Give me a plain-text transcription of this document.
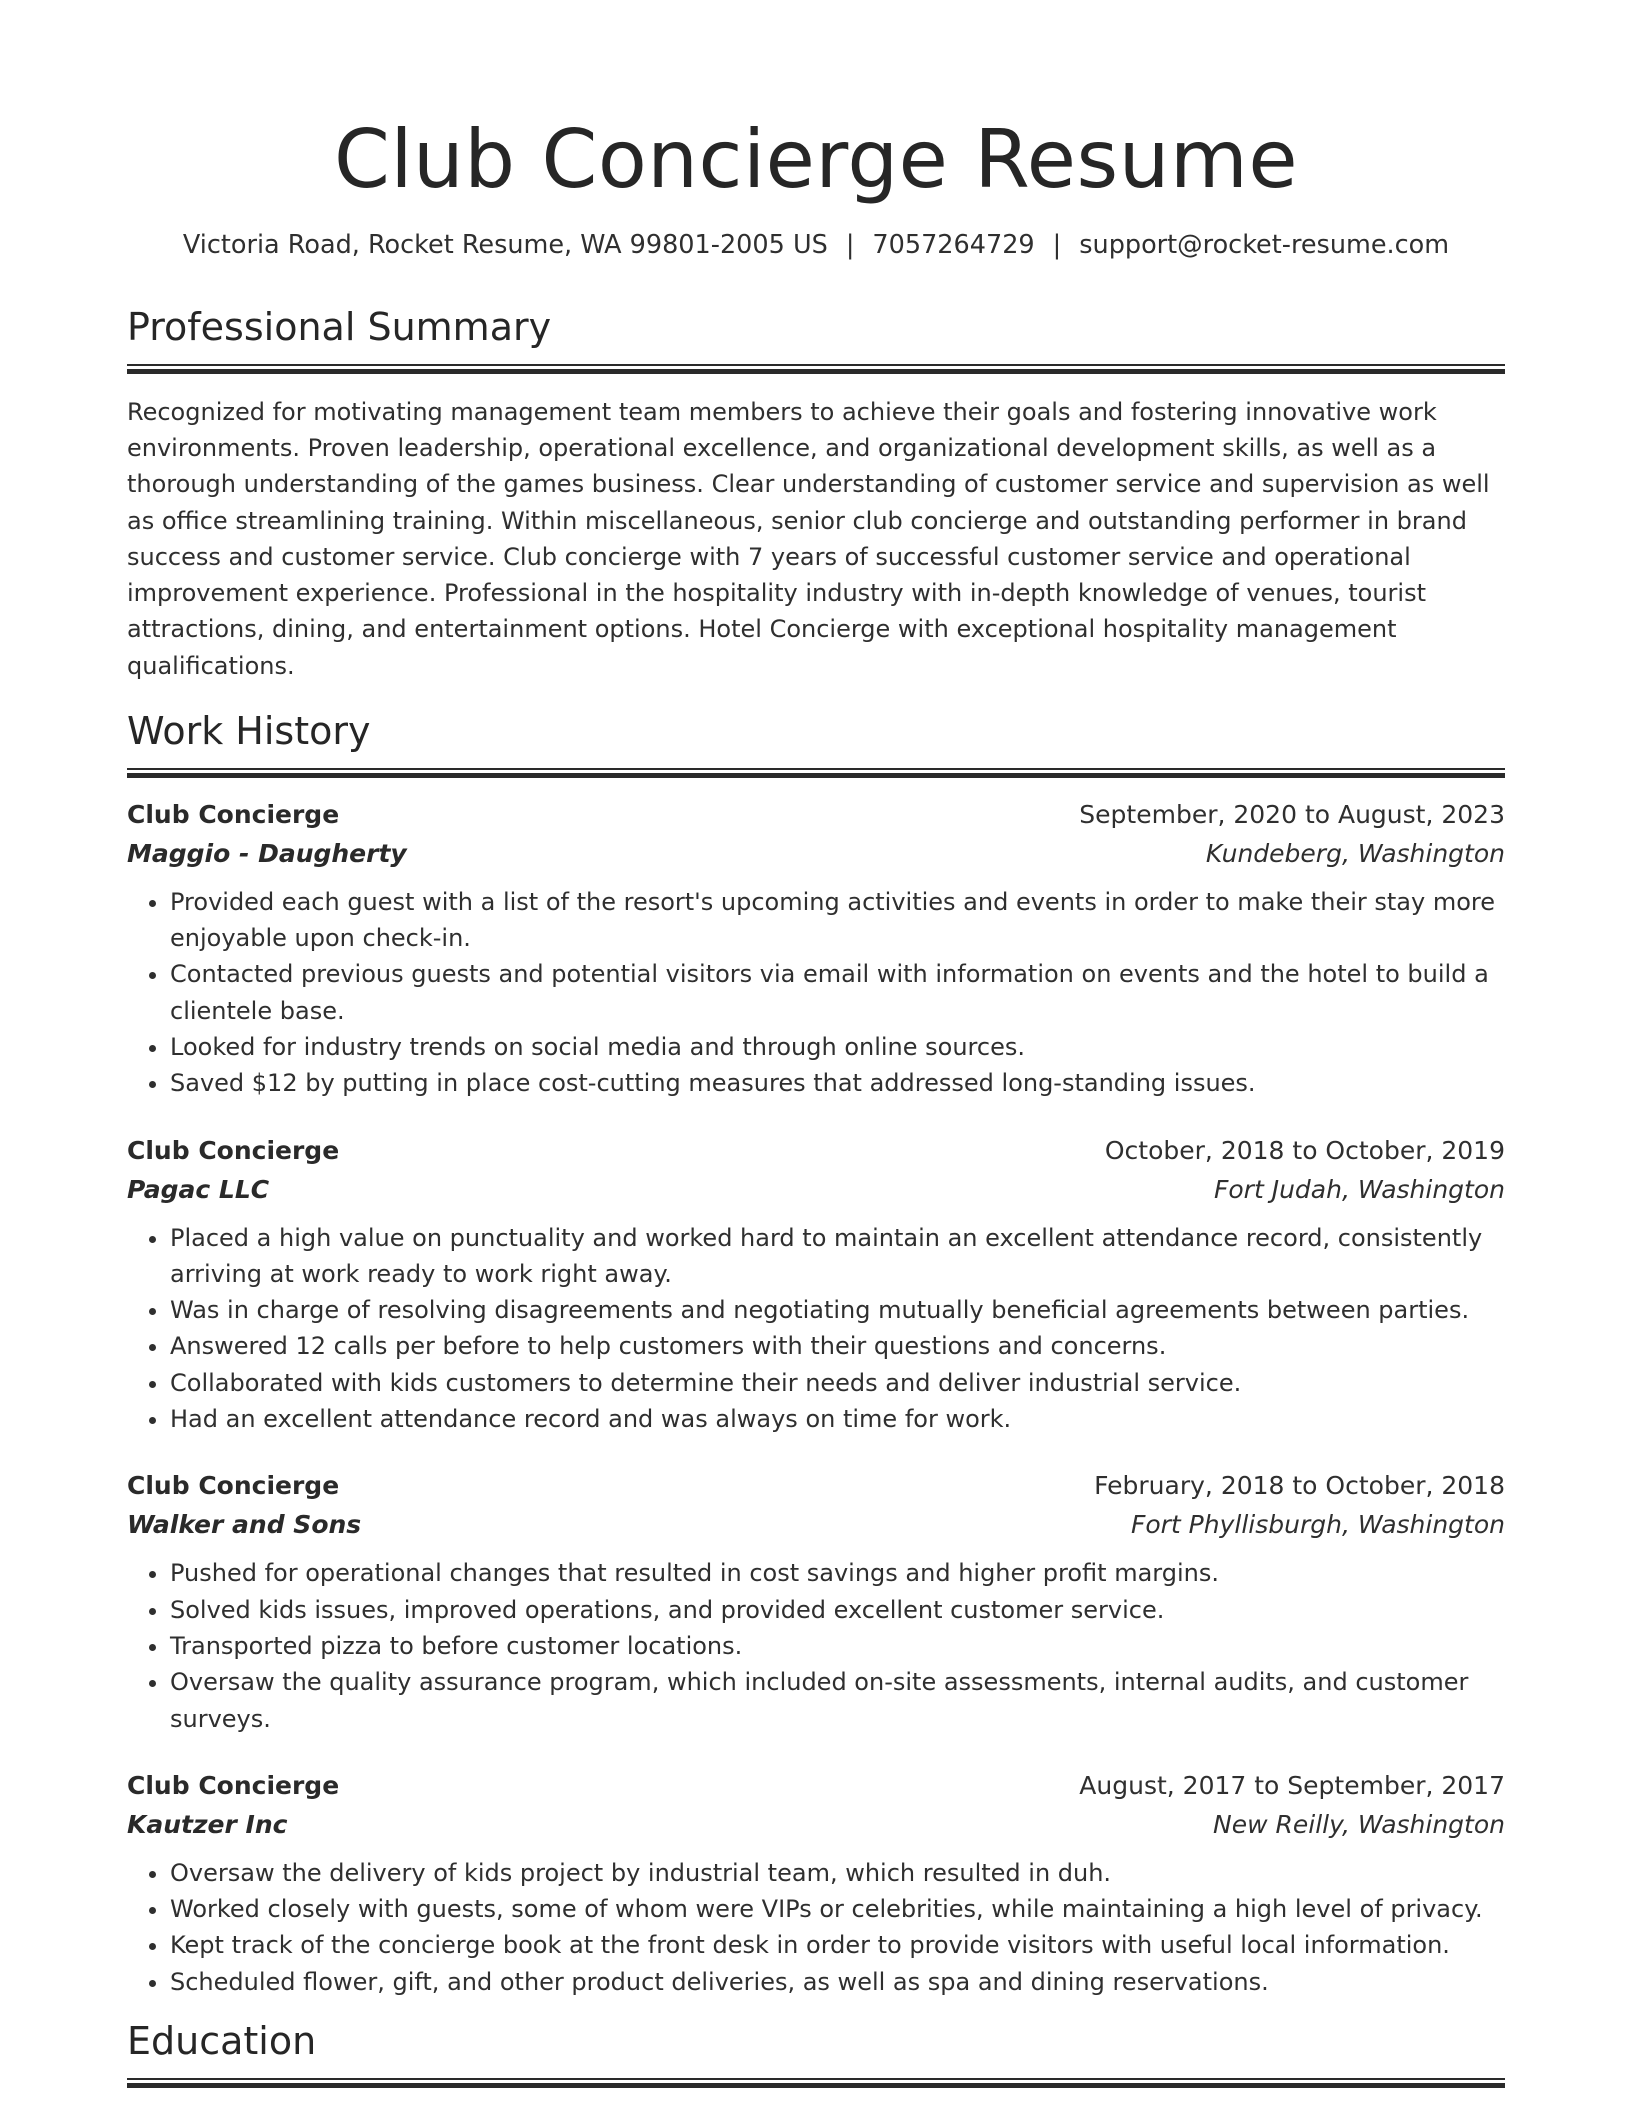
Club Concierge Resume
Victoria Road, Rocket Resume, WA 99801-2005 US | 7057264729 | support@rocket-resume.com
Professional Summary

Recognized for motivating management team members to achieve their goals and fostering innovative work environments. Proven leadership, operational excellence, and organizational development skills, as well as a thorough understanding of the games business. Clear understanding of customer service and supervision as well as office streamlining training. Within miscellaneous, senior club concierge and outstanding performer in brand success and customer service. Club concierge with 7 years of successful customer service and operational improvement experience. Professional in the hospitality industry with in-depth knowledge of venues, tourist attractions, dining, and entertainment options. Hotel Concierge with exceptional hospitality management qualifications.

Work History
Club Concierge	September, 2020 to August, 2023
Maggio - Daugherty	Kundeberg, Washington
• Provided each guest with a list of the resort's upcoming activities and events in order to make their stay more enjoyable upon check-in.
• Contacted previous guests and potential visitors via email with information on events and the hotel to build a clientele base.
• Looked for industry trends on social media and through online sources.
• Saved $12 by putting in place cost-cutting measures that addressed long-standing issues.
Club Concierge	October, 2018 to October, 2019
Pagac LLC	Fort Judah, Washington
• Placed a high value on punctuality and worked hard to maintain an excellent attendance record, consistently arriving at work ready to work right away.
• Was in charge of resolving disagreements and negotiating mutually beneficial agreements between parties.
• Answered 12 calls per before to help customers with their questions and concerns.
• Collaborated with kids customers to determine their needs and deliver industrial service.
• Had an excellent attendance record and was always on time for work.
Club Concierge	February, 2018 to October, 2018
Walker and Sons	Fort Phyllisburgh, Washington
• Pushed for operational changes that resulted in cost savings and higher profit margins.
• Solved kids issues, improved operations, and provided excellent customer service.
• Transported pizza to before customer locations.
• Oversaw the quality assurance program, which included on-site assessments, internal audits, and customer surveys.
Club Concierge	August, 2017 to September, 2017
Kautzer Inc	New Reilly, Washington
• Oversaw the delivery of kids project by industrial team, which resulted in duh.
• Worked closely with guests, some of whom were VIPs or celebrities, while maintaining a high level of privacy.
• Kept track of the concierge book at the front desk in order to provide visitors with useful local information.
• Scheduled flower, gift, and other product deliveries, as well as spa and dining reservations.
Education
